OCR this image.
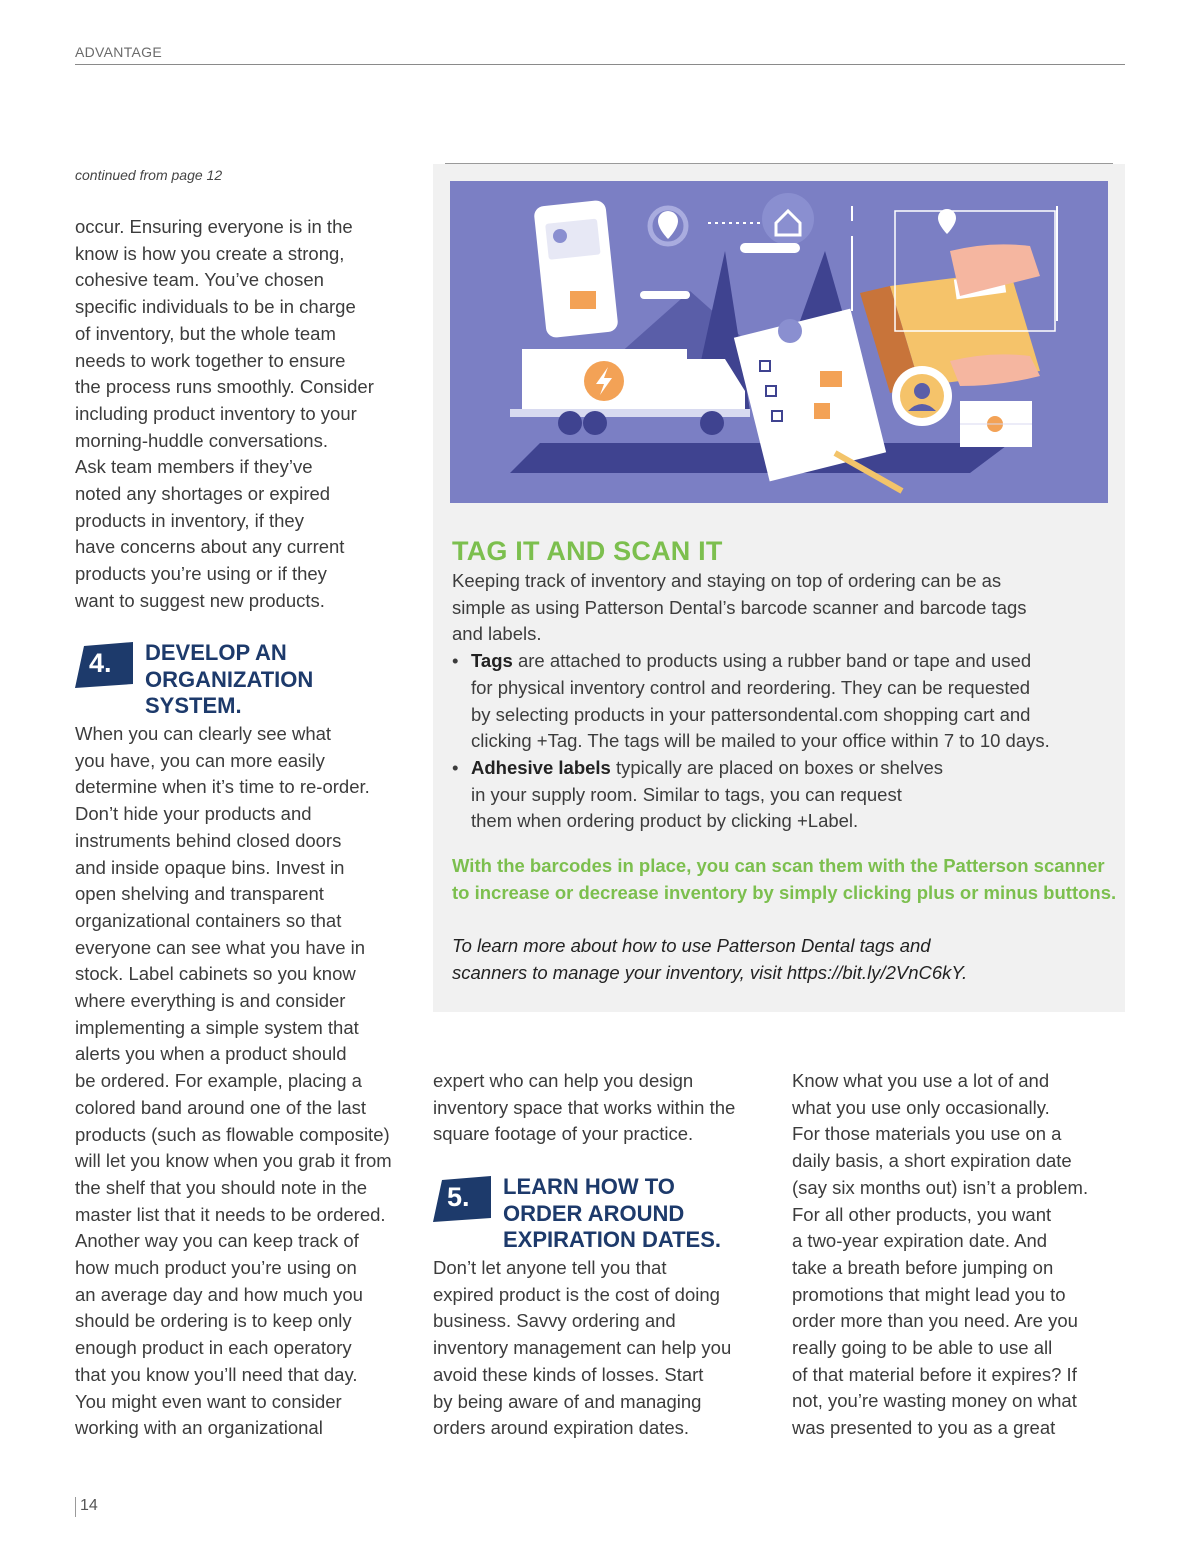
ADVANTAGE
continued from page 12
occur. Ensuring everyone is in the
know is how you create a strong,
cohesive team. You’ve chosen
specific individuals to be in charge
of inventory, but the whole team
needs to work together to ensure
the process runs smoothly. Consider
including product inventory to your
morning-huddle conversations.
Ask team members if they’ve
noted any shortages or expired
products in inventory, if they
have concerns about any current
products you’re using or if they
want to suggest new products.
4. DEVELOP AN
ORGANIZATION
SYSTEM.
When you can clearly see what
you have, you can more easily
determine when it’s time to re-order.
Don’t hide your products and
instruments behind closed doors
and inside opaque bins. Invest in
open shelving and transparent
organizational containers so that
everyone can see what you have in
stock. Label cabinets so you know
where everything is and consider
implementing a simple system that
alerts you when a product should
be ordered. For example, placing a
colored band around one of the last
products (such as flowable composite)
will let you know when you grab it from
the shelf that you should note in the
master list that it needs to be ordered.
Another way you can keep track of
how much product you’re using on
an average day and how much you
should be ordering is to keep only
enough product in each operatory
that you know you’ll need that day.
You might even want to consider
working with an organizational
TAG IT AND SCAN IT
Keeping track of inventory and staying on top of ordering can be as
simple as using Patterson Dental’s barcode scanner and barcode tags
and labels.
• Tags are attached to products using a rubber band or tape and used
for physical inventory control and reordering. They can be requested
by selecting products in your pattersondental.com shopping cart and
clicking +Tag. The tags will be mailed to your office within 7 to 10 days.
• Adhesive labels typically are placed on boxes or shelves
in your supply room. Similar to tags, you can request
them when ordering product by clicking +Label.
With the barcodes in place, you can scan them with the Patterson scanner
to increase or decrease inventory by simply clicking plus or minus buttons.
To learn more about how to use Patterson Dental tags and
scanners to manage your inventory, visit https://bit.ly/2VnC6kY.
expert who can help you design
inventory space that works within the
square footage of your practice.
5. LEARN HOW TO
ORDER AROUND
EXPIRATION DATES.
Don’t let anyone tell you that
expired product is the cost of doing
business. Savvy ordering and
inventory management can help you
avoid these kinds of losses. Start
by being aware of and managing
orders around expiration dates.
Know what you use a lot of and
what you use only occasionally.
For those materials you use on a
daily basis, a short expiration date
(say six months out) isn’t a problem.
For all other products, you want
a two-year expiration date. And
take a breath before jumping on
promotions that might lead you to
order more than you need. Are you
really going to be able to use all
of that material before it expires? If
not, you’re wasting money on what
was presented to you as a great
14
